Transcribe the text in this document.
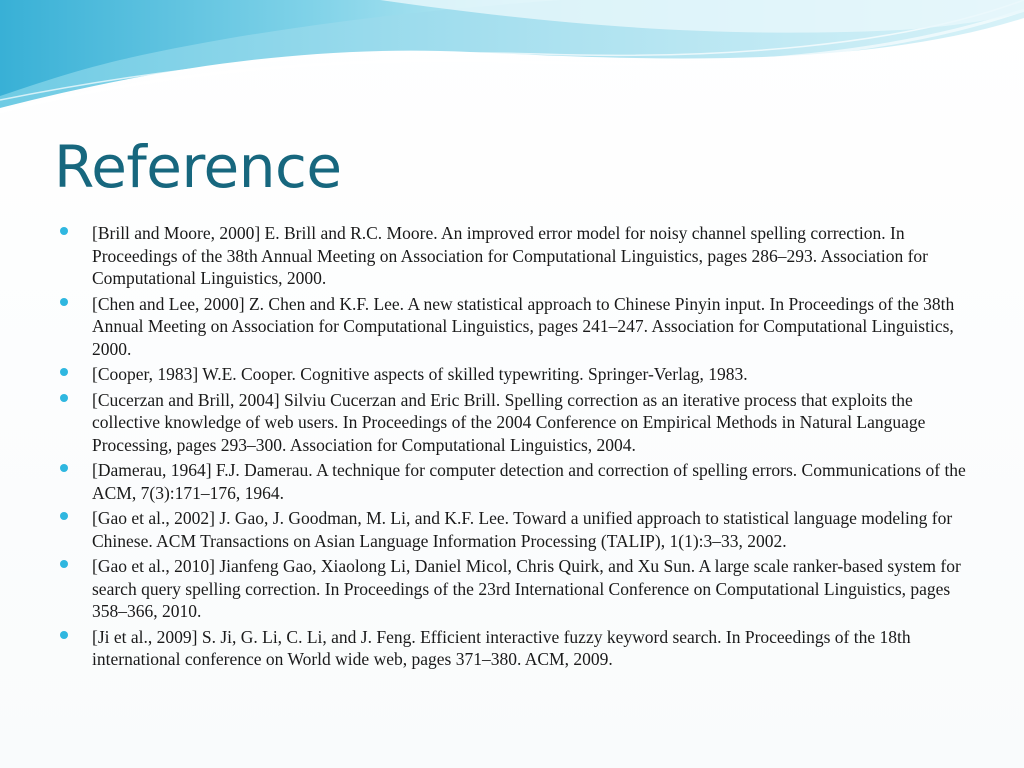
Reference
[Brill and Moore, 2000] E. Brill and R.C. Moore. An improved error model for noisy channel spelling correction. In Proceedings of the 38th Annual Meeting on Association for Computational Linguistics, pages 286–293. Association for Computational Linguistics, 2000.
[Chen and Lee, 2000] Z. Chen and K.F. Lee. A new statistical approach to Chinese Pinyin input. In Proceedings of the 38th Annual Meeting on Association for Computational Linguistics, pages 241–247. Association for Computational Linguistics, 2000.
[Cooper, 1983] W.E. Cooper. Cognitive aspects of skilled typewriting. Springer-Verlag, 1983.
[Cucerzan and Brill, 2004] Silviu Cucerzan and Eric Brill. Spelling correction as an iterative process that exploits the collective knowledge of web users. In Proceedings of the 2004 Conference on Empirical Methods in Natural Language Processing, pages 293–300. Association for Computational Linguistics, 2004.
[Damerau, 1964] F.J. Damerau. A technique for computer detection and correction of spelling errors. Communications of the ACM, 7(3):171–176, 1964.
[Gao et al., 2002] J. Gao, J. Goodman, M. Li, and K.F. Lee. Toward a unified approach to statistical language modeling for Chinese. ACM Transactions on Asian Language Information Processing (TALIP), 1(1):3–33, 2002.
[Gao et al., 2010] Jianfeng Gao, Xiaolong Li, Daniel Micol, Chris Quirk, and Xu Sun. A large scale ranker-based system for search query spelling correction. In Proceedings of the 23rd International Conference on Computational Linguistics, pages 358–366, 2010.
[Ji et al., 2009] S. Ji, G. Li, C. Li, and J. Feng. Efficient interactive fuzzy keyword search. In Proceedings of the 18th international conference on World wide web, pages 371–380. ACM, 2009.
